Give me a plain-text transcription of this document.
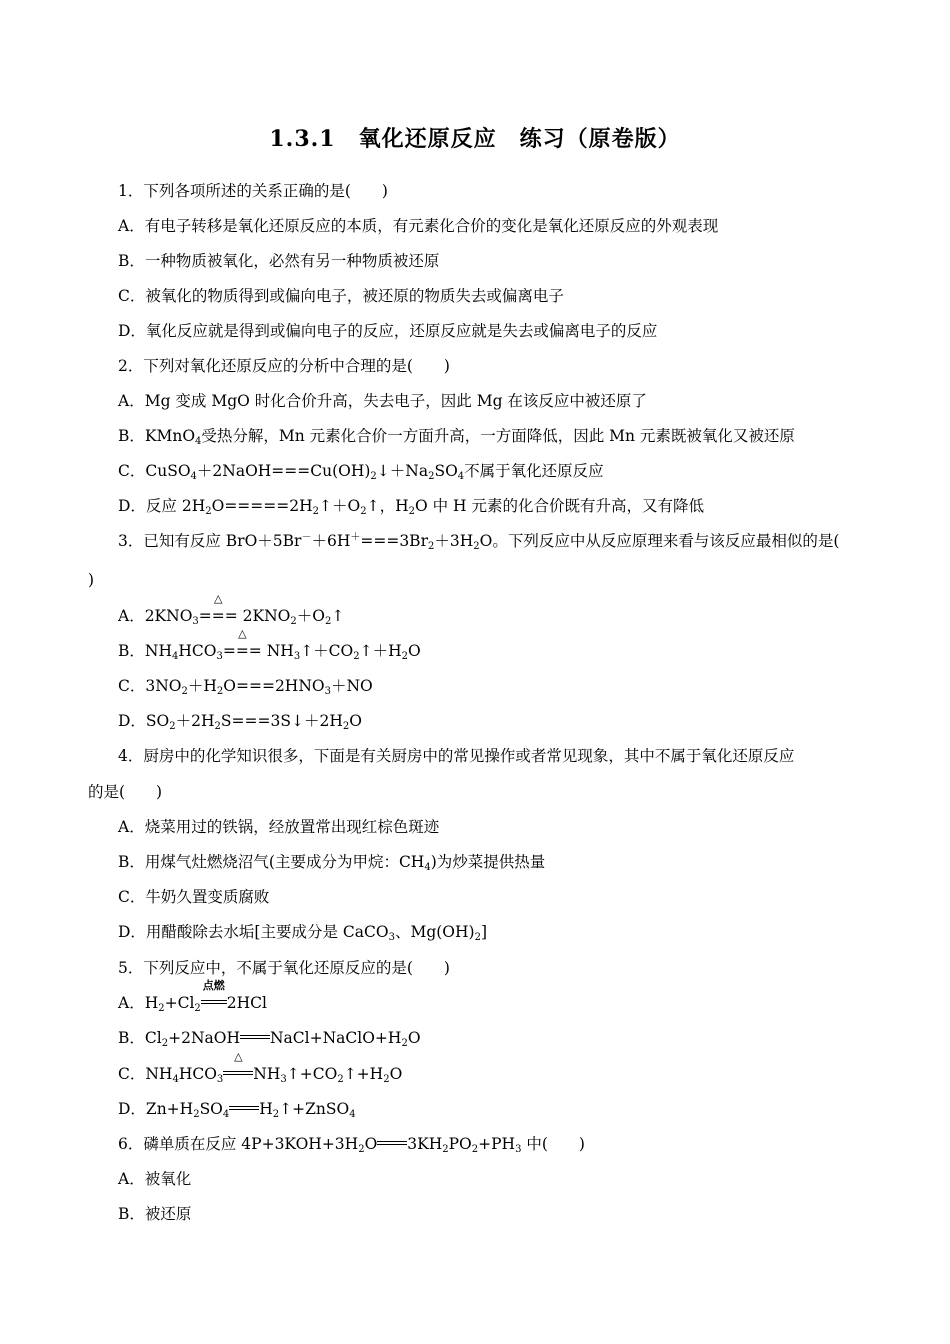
1.3.1　氧化还原反应　练习（原卷版）
1．下列各项所述的关系正确的是(　　)
A．有电子转移是氧化还原反应的本质，有元素化合价的变化是氧化还原反应的外观表现
B．一种物质被氧化，必然有另一种物质被还原
C．被氧化的物质得到或偏向电子，被还原的物质失去或偏离电子
D．氧化反应就是得到或偏向电子的反应，还原反应就是失去或偏离电子的反应
2．下列对氧化还原反应的分析中合理的是(　　)
A．Mg 变成 MgO 时化合价升高，失去电子，因此 Mg 在该反应中被还原了
B．KMnO$_4$受热分解，Mn 元素化合价一方面升高，一方面降低，因此 Mn 元素既被氧化又被还原
C．$CuSO_4+2NaOH===Cu(OH)_2↓+Na_2SO_4$不属于氧化还原反应
D．反应 $2H_2O=====2H_2↑+O_2↑$，$H_2O$ 中 H 元素的化合价既有升高，又有降低
3．已知有反应 $BrO+5Br^-+6H^+===3Br_2+3H_2O$。下列反应中从反应原理来看与该反应最相似的是(
)
A．$2KNO_3$
△
=== $2KNO_2+O_2↑$
B．$NH_4HCO_3$
△
=== $NH_3↑+CO_2↑+H_2O$
C．$3NO_2+H_2O===2HNO_3+NO$
D．$SO_2+2H_2S===3S↓+2H_2O$
4．厨房中的化学知识很多，下面是有关厨房中的常见操作或者常见现象，其中不属于氧化还原反应
的是(　　)
A．烧菜用过的铁锅，经放置常出现红棕色斑迹
B．用煤气灶燃烧沼气(主要成分为甲烷：$CH_4$)为炒菜提供热量
C．牛奶久置变质腐败
D．用醋酸除去水垢[主要成分是 CaCO$_3$、$Mg(OH)_2$]
5．下列反应中，不属于氧化还原反应的是(　　)
A．$H_2+Cl_2$
点燃
2HCl
B．$Cl_2+2NaOH$ $NaCl+NaClO+H_2O$
C．$NH_4HCO_3$
△
$NH_3↑+CO_2↑+H_2O$
D．$Zn+H_2SO_4$ $H_2↑+ZnSO_4$
6．磷单质在反应 $4P+3KOH+3H_2O$ $3KH_2PO_2+PH_3$ 中(　　)
A．被氧化
B．被还原
